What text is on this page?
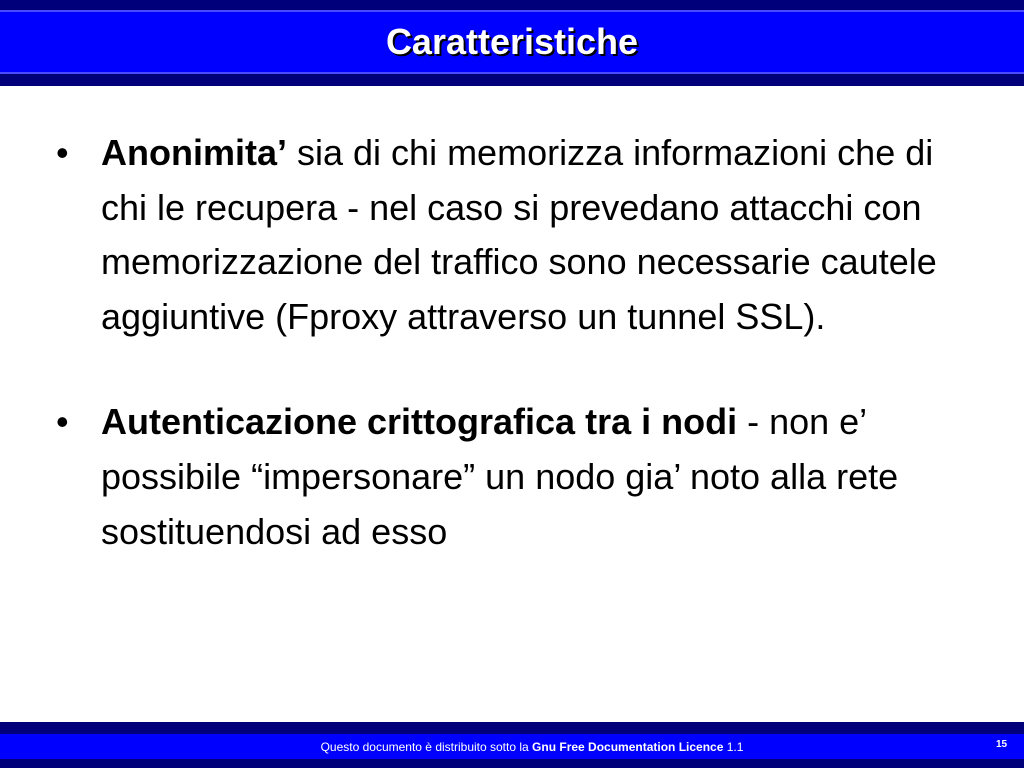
Caratteristiche
• Anonimita’ sia di chi memorizza informazioni che di chi le recupera - nel caso si prevedano attacchi con memorizzazione del traffico sono necessarie cautele aggiuntive (Fproxy attraverso un tunnel SSL).
• Autenticazione crittografica tra i nodi - non e’ possibile “impersonare” un nodo gia’ noto alla rete sostituendosi ad esso
Questo documento è distribuito sotto la Gnu Free Documentation Licence 1.1	15
